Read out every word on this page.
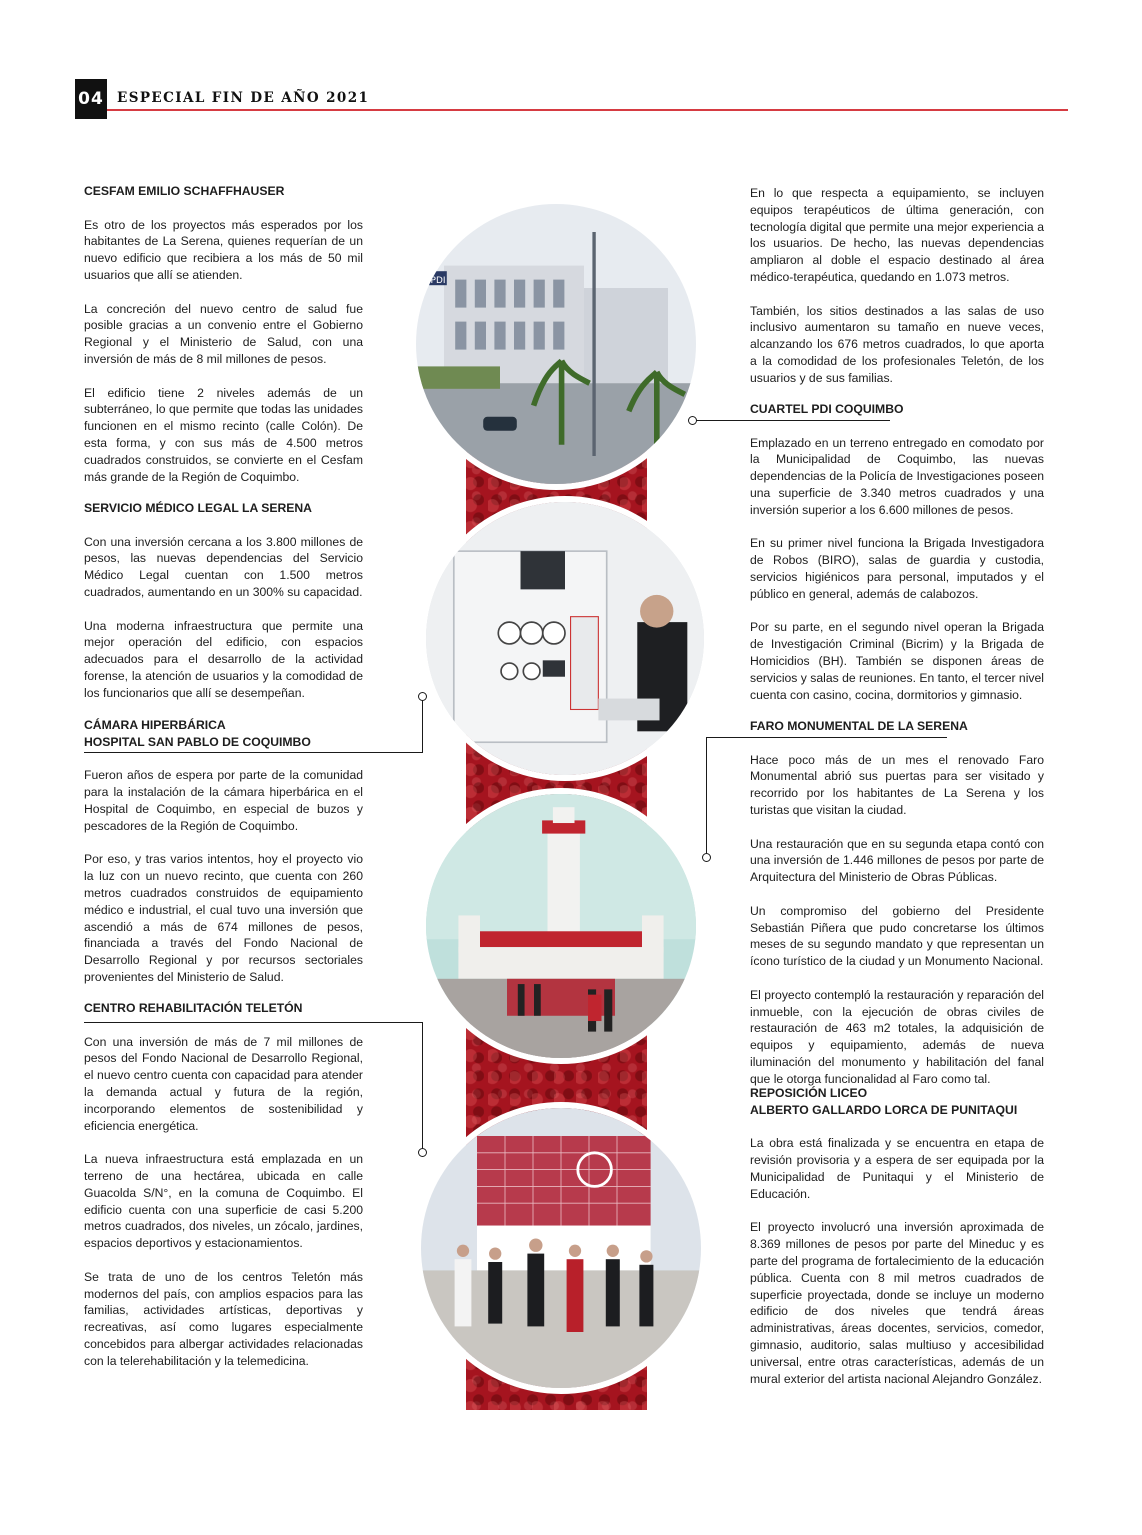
04 ESPECIAL FIN DE AÑO 2021
PDI
CESFAM EMILIO SCHAFFHAUSER

Es otro de los proyectos más esperados por los habitantes de La Serena, quienes requerían de un nuevo edificio que recibiera a los más de 50 mil usuarios que allí se atienden.

La concreción del nuevo centro de salud fue posible gracias a un convenio entre el Gobierno Regional y el Ministerio de Salud, con una inversión de más de 8 mil millones de pesos.

El edificio tiene 2 niveles además de un subterráneo, lo que permite que todas las unidades funcionen en el mismo recinto (calle Colón). De esta forma, y con sus más de 4.500 metros cuadrados construidos, se convierte en el Cesfam más grande de la Región de Coquimbo.

SERVICIO MÉDICO LEGAL LA SERENA

Con una inversión cercana a los 3.800 millones de pesos, las nuevas dependencias del Servicio Médico Legal cuentan con 1.500 metros cuadrados, aumentando en un 300% su capacidad.

Una moderna infraestructura que permite una mejor operación del edificio, con espacios adecuados para el desarrollo de la actividad forense, la atención de usuarios y la comodidad de los funcionarios que allí se desempeñan.

CÁMARA HIPERBÁRICA
HOSPITAL SAN PABLO DE COQUIMBO

Fueron años de espera por parte de la comunidad para la instalación de la cámara hiperbárica en el Hospital de Coquimbo, en especial de buzos y pescadores de la Región de Coquimbo.

Por eso, y tras varios intentos, hoy el proyecto vio la luz con un nuevo recinto, que cuenta con 260 metros cuadrados construidos de equipamiento médico e industrial, el cual tuvo una inversión que ascendió a más de 674 millones de pesos, financiada a través del Fondo Nacional de Desarrollo Regional y por recursos sectoriales provenientes del Ministerio de Salud.

CENTRO REHABILITACIÓN TELETÓN

Con una inversión de más de 7 mil millones de pesos del Fondo Nacional de Desarrollo Regional, el nuevo centro cuenta con capacidad para atender la demanda actual y futura de la región, incorporando elementos de sostenibilidad y eficiencia energética.

La nueva infraestructura está emplazada en un terreno de una hectárea, ubicada en calle Guacolda S/N°, en la comuna de Coquimbo. El edificio cuenta con una superficie de casi 5.200 metros cuadrados, dos niveles, un zócalo, jardines, espacios deportivos y estacionamientos.

Se trata de uno de los centros Teletón más modernos del país, con amplios espacios para las familias, actividades artísticas, deportivas y recreativas, así como lugares especialmente concebidos para albergar actividades relacionadas con la telerehabilitación y la telemedicina.

En lo que respecta a equipamiento, se incluyen equipos terapéuticos de última generación, con tecnología digital que permite una mejor experiencia a los usuarios. De hecho, las nuevas dependencias ampliaron al doble el espacio destinado al área médico-terapéutica, quedando en 1.073 metros.

También, los sitios destinados a las salas de uso inclusivo aumentaron su tamaño en nueve veces, alcanzando los 676 metros cuadrados, lo que aporta a la comodidad de los profesionales Teletón, de los usuarios y de sus familias.

CUARTEL PDI COQUIMBO

Emplazado en un terreno entregado en comodato por la Municipalidad de Coquimbo, las nuevas dependencias de la Policía de Investigaciones poseen una superficie de 3.340 metros cuadrados y una inversión superior a los 6.600 millones de pesos.

En su primer nivel funciona la Brigada Investigadora de Robos (BIRO), salas de guardia y custodia, servicios higiénicos para personal, imputados y el público en general, además de calabozos.

Por su parte, en el segundo nivel operan la Brigada de Investigación Criminal (Bicrim) y la Brigada de Homicidios (BH). También se disponen áreas de servicios y salas de reuniones. En tanto, el tercer nivel cuenta con casino, cocina, dormitorios y gimnasio.

FARO MONUMENTAL DE LA SERENA

Hace poco más de un mes el renovado Faro Monumental abrió sus puertas para ser visitado y recorrido por los habitantes de La Serena y los turistas que visitan la ciudad.

Una restauración que en su segunda etapa contó con una inversión de 1.446 millones de pesos por parte de Arquitectura del Ministerio de Obras Públicas.

Un compromiso del gobierno del Presidente Sebastián Piñera que pudo concretarse los últimos meses de su segundo mandato y que representan un ícono turístico de la ciudad y un Monumento Nacional.

El proyecto contempló la restauración y reparación del inmueble, con la ejecución de obras civiles de restauración de 463 m2 totales, la adquisición de equipos y equipamiento, además de nueva iluminación del monumento y habilitación del fanal que le otorga funcionalidad al Faro como tal.

REPOSICIÓN LICEO
ALBERTO GALLARDO LORCA DE PUNITAQUI

La obra está finalizada y se encuentra en etapa de revisión provisoria y a espera de ser equipada por la Municipalidad de Punitaqui y el Ministerio de Educación.

El proyecto involucró una inversión aproximada de 8.369 millones de pesos por parte del Mineduc y es parte del programa de fortalecimiento de la educación pública. Cuenta con 8 mil metros cuadrados de superficie proyectada, donde se incluye un moderno edificio de dos niveles que tendrá áreas administrativas, áreas docentes, servicios, comedor, gimnasio, auditorio, salas multiuso y accesibilidad universal, entre otras características, además de un mural exterior del artista nacional Alejandro González.
